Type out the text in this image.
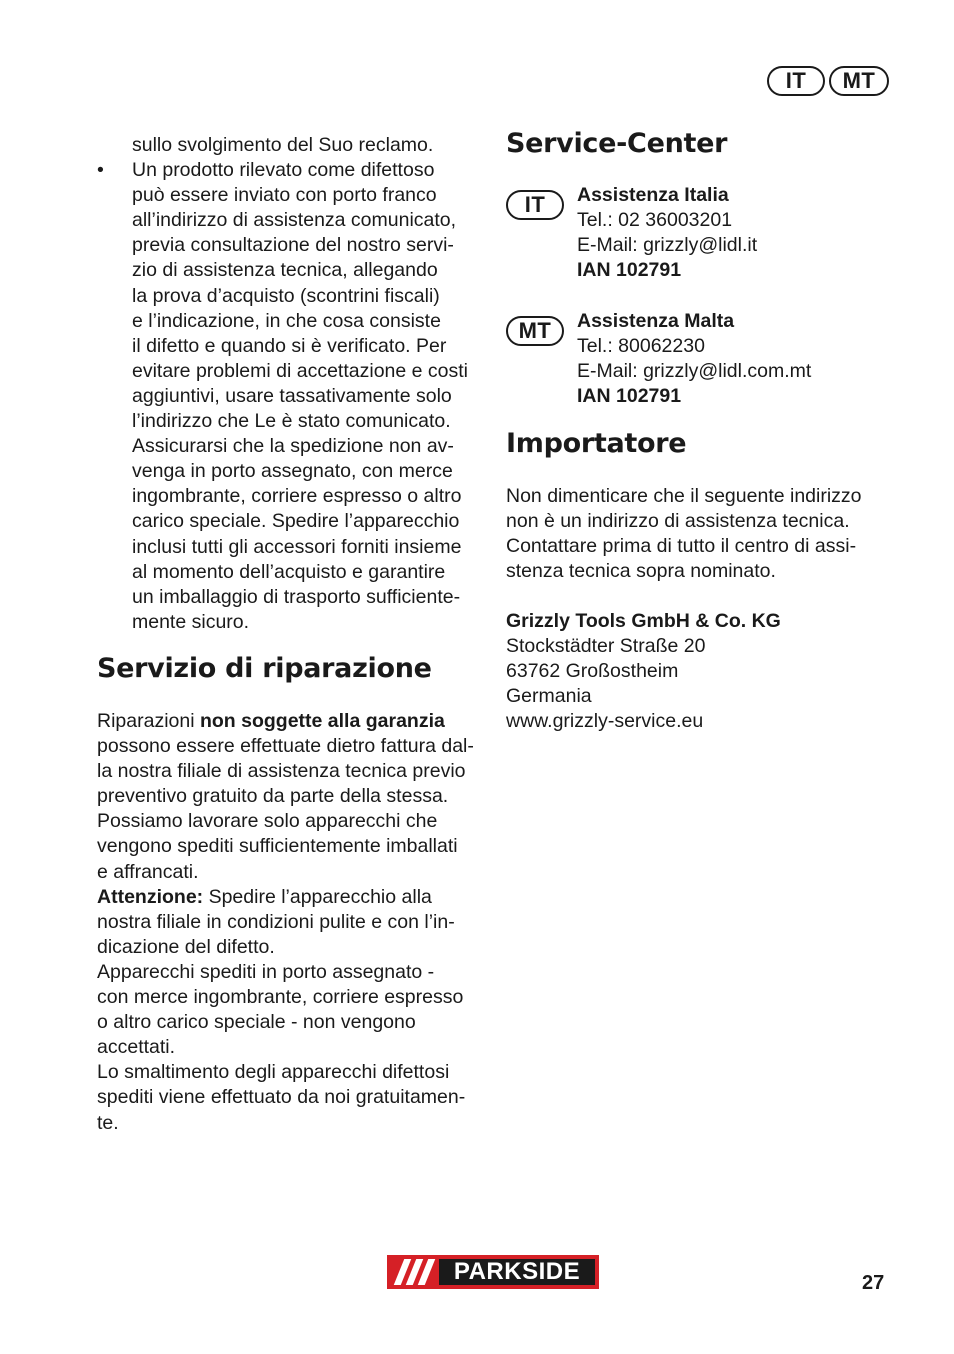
IT	MT

sullo svolgimento del Suo reclamo.

• Un prodotto rilevato come difettoso

può essere inviato con porto franco

all’indirizzo di assistenza comunicato,

previa consultazione del nostro servi-

zio di assistenza tecnica, allegando

la prova d’acquisto (scontrini fiscali)

e l’indicazione, in che cosa consiste

il difetto e quando si è verificato. Per

evitare problemi di accettazione e costi

aggiuntivi, usare tassativamente solo

l’indirizzo che Le è stato comunicato.

Assicurarsi che la spedizione non av-

venga in porto assegnato, con merce

ingombrante, corriere espresso o altro

carico speciale. Spedire l’apparecchio

inclusi tutti gli accessori forniti insieme

al momento dell’acquisto e garantire

un imballaggio di trasporto sufficiente-

mente sicuro.

Servizio di riparazione

Riparazioni non soggette alla garanzia

possono essere effettuate dietro fattura dal-

la nostra filiale di assistenza tecnica previo

preventivo gratuito da parte della stessa.

Possiamo lavorare solo apparecchi che

vengono spediti sufficientemente imballati

e affrancati.

Attenzione: Spedire l’apparecchio alla

nostra filiale in condizioni pulite e con l’in-

dicazione del difetto.

Apparecchi spediti in porto assegnato -

con merce ingombrante, corriere espresso

o altro carico speciale - non vengono

accettati.

Lo smaltimento degli apparecchi difettosi

spediti viene effettuato da noi gratuitamen-

te.

Service-Center
IT	Assistenza Italia

Tel.: 02 36003201

E-Mail: grizzly@lidl.it

IAN 102791

MT	Assistenza Malta

Tel.: 80062230

E-Mail: grizzly@lidl.com.mt

IAN 102791

Importatore

Non dimenticare che il seguente indirizzo

non è un indirizzo di assistenza tecnica.

Contattare prima di tutto il centro di assi-

stenza tecnica sopra nominato.

Grizzly Tools GmbH & Co. KG

Stockstädter Straße 20

63762 Großostheim

Germania

www.grizzly-service.eu

PARKSIDE	27
